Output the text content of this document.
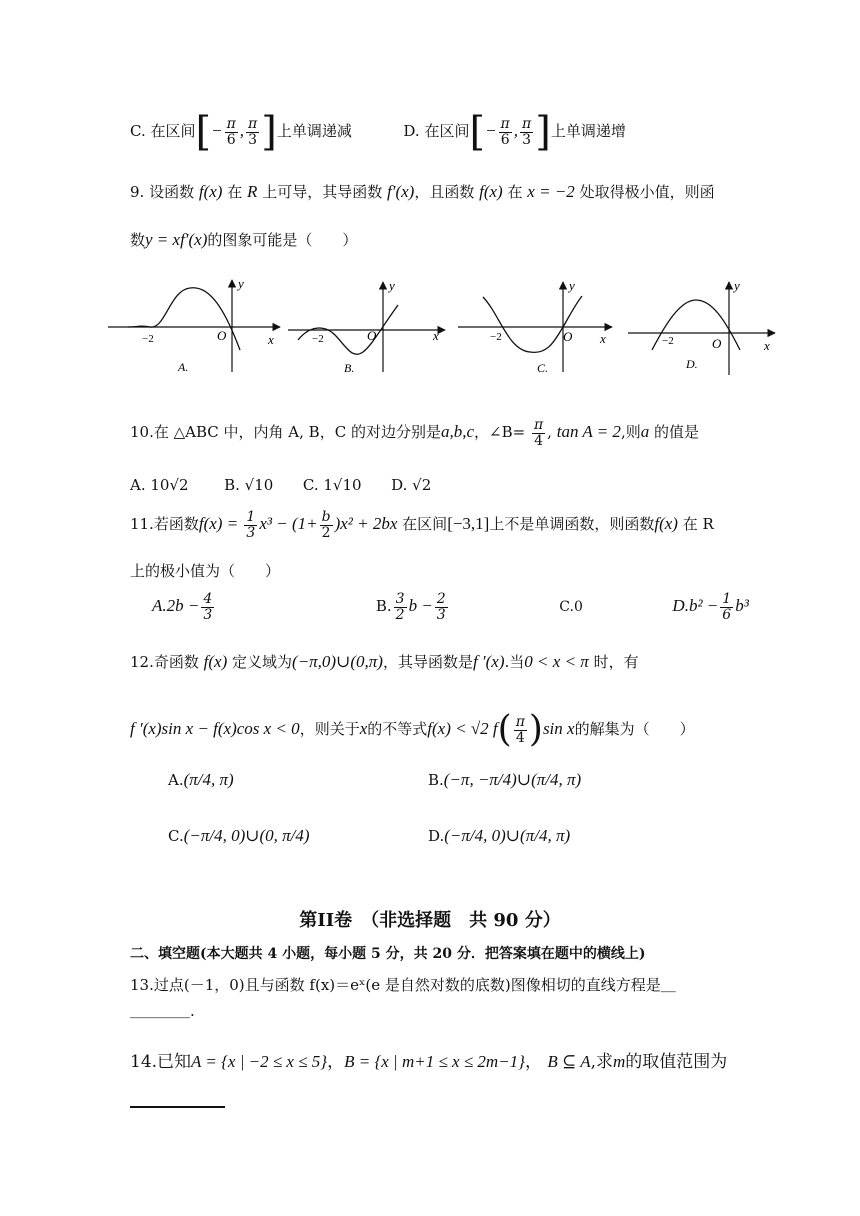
C. 在区间[− $\frac{\pi}{6}$ , $\frac{\pi}{3}$ ]上单调递减	D. 在区间[− $\frac{\pi}{6}$ , $\frac{\pi}{3}$ ]上单调递增
9. 设函数 f(x) 在 R 上可导，其导函数 f′(x)，且函数 f(x) 在 x = −2 处取得极小值，则函
数y = xf′(x)的图象可能是（　　）
y
O	x
−2
A.
y
O	x
−2
B.
y
O x
−2
C.
y
O	x
−2
D.
10.在 △ABC 中，内角 A, B，C 的对边分别是a,b,c，∠B= $\frac{\pi}{4}$ , tan A = 2,则a 的值是
A. 10√2 B. √10 C. 1√10 D. √2
11.若函数$f(x) = \frac{1}{3} x^3 - (1+ \frac{b}{2} )x^2 + 2bx$ 在区间[−3,1]上不是单调函数，则函数f(x) 在 R
上的极小值为（　　）
$A.2b - \frac{4}{3}$	B. $\frac{3}{2}$ $b - \frac{2}{3}$	C.0	$D.b^2 - \frac{1}{6} b^3$
12.奇函数 f(x) 定义域为(−π,0)∪(0,π)，其导函数是f ′(x).当0 < x < π 时，有
f ′(x)sin x − f(x)cos x < 0，则关于x的不等式f(x) < √2 $f( \frac{\pi}{4} )\sin$ x的解集为（　　）
A.(π/4, π)	B.(−π, −π/4)∪(π/4, π)
C.(−π/4, 0)∪(0, π/4)	D.(−π/4, 0)∪(π/4, π)
第II卷　（非选择题　共 90 分）
二、填空题(本大题共 4 小题，每小题 5 分，共 20 分．把答案填在题中的横线上)
13.过点(－1，0)且与函数 f(x)＝eˣ(e 是自然对数的底数)图像相切的直线方程是＿
＿＿＿＿.
14.已知A = {x | −2 ≤ x ≤ 5}，B = {x | m+1 ≤ x ≤ 2m−1}， B ⊆ A,求m的取值范围为
